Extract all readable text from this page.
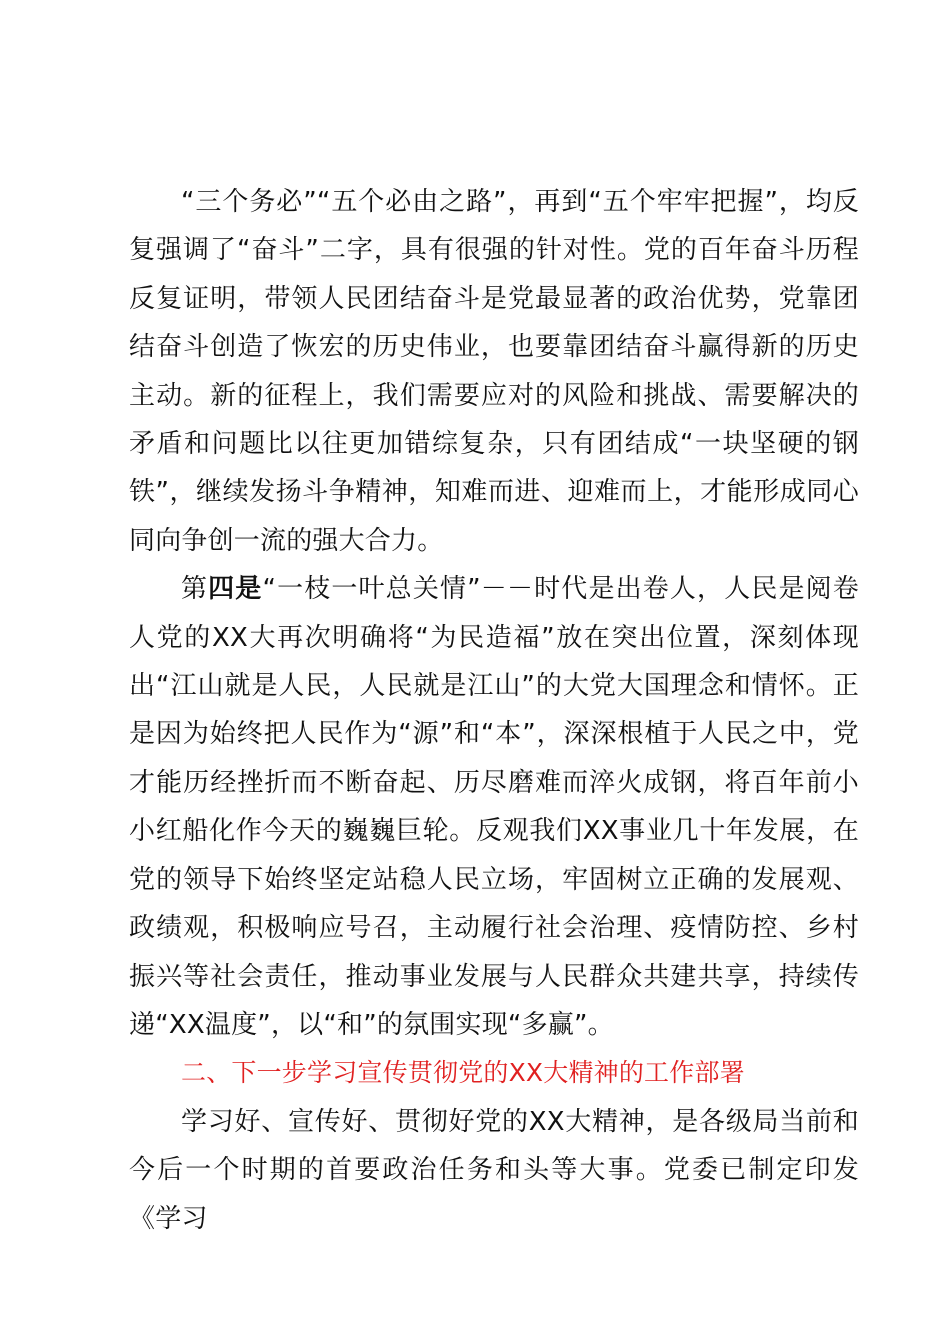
“三个务必”“五个必由之路”，再到“五个牢牢把握”，均反复强调了“奋斗”二字，具有很强的针对性。党的百年奋斗历程反复证明，带领人民团结奋斗是党最显著的政治优势，党靠团结奋斗创造了恢宏的历史伟业，也要靠团结奋斗赢得新的历史主动。新的征程上，我们需要应对的风险和挑战、需要解决的矛盾和问题比以往更加错综复杂，只有团结成“一块坚硬的钢铁”，继续发扬斗争精神，知难而进、迎难而上，才能形成同心同向争创一流的强大合力。

第四是“一枝一叶总关情”－－时代是出卷人，人民是阅卷人党的XX大再次明确将“为民造福”放在突出位置，深刻体现出“江山就是人民，人民就是江山”的大党大国理念和情怀。正是因为始终把人民作为“源”和“本”，深深根植于人民之中，党才能历经挫折而不断奋起、历尽磨难而淬火成钢，将百年前小小红船化作今天的巍巍巨轮。反观我们XX事业几十年发展，在党的领导下始终坚定站稳人民立场，牢固树立正确的发展观、政绩观，积极响应号召，主动履行社会治理、疫情防控、乡村振兴等社会责任，推动事业发展与人民群众共建共享，持续传递“XX温度”，以“和”的氛围实现“多赢”。

二、下一步学习宣传贯彻党的XX大精神的工作部署

学习好、宣传好、贯彻好党的XX大精神，是各级局当前和今后一个时期的首要政治任务和头等大事。党委已制定印发《学习
